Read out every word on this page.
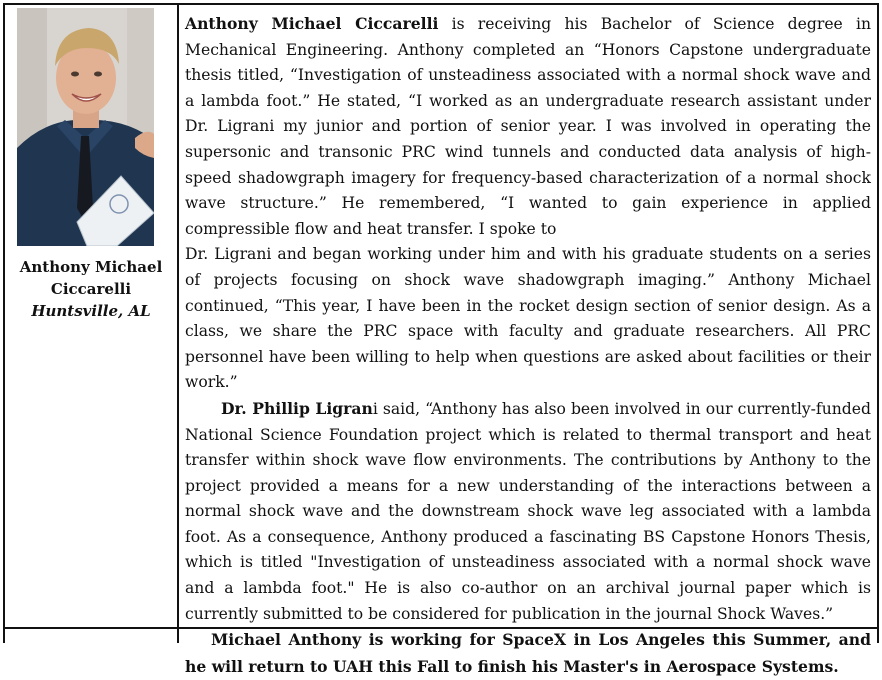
Anthony Michael
Ciccarelli
Huntsville, AL

Anthony Michael Ciccarelli is receiving his Bachelor of Science degree in Mechanical Engineering. Anthony completed an “Honors Capstone undergraduate thesis titled, “Investigation of unsteadiness associated with a normal shock wave and a lambda foot.” He stated, “I worked as an undergraduate research assistant under Dr. Ligrani my junior and portion of senior year. I was involved in operating the supersonic and transonic PRC wind tunnels and conducted data analysis of high-speed shadowgraph imagery for frequency-based characterization of a normal shock wave structure.” He remembered, “I wanted to gain experience in applied compressible flow and heat transfer. I spoke to

Dr. Ligrani and began working under him and with his graduate students on a series of projects focusing on shock wave shadowgraph imaging.” Anthony Michael continued, “This year, I have been in the rocket design section of senior design. As a class, we share the PRC space with faculty and graduate researchers. All PRC personnel have been willing to help when questions are asked about facilities or their work.”

Dr. Phillip Ligrani said, “Anthony has also been involved in our currently-funded National Science Foundation project which is related to thermal transport and heat transfer within shock wave flow environments. The contributions by Anthony to the project provided a means for a new understanding of the interactions between a normal shock wave and the downstream shock wave leg associated with a lambda foot. As a consequence, Anthony produced a fascinating BS Capstone Honors Thesis, which is titled "Investigation of unsteadiness associated with a normal shock wave and a lambda foot." He is also co-author on an archival journal paper which is currently submitted to be considered for publication in the journal Shock Waves.”

Michael Anthony is working for SpaceX in Los Angeles this Summer, and he will return to UAH this Fall to finish his Master's in Aerospace Systems.
